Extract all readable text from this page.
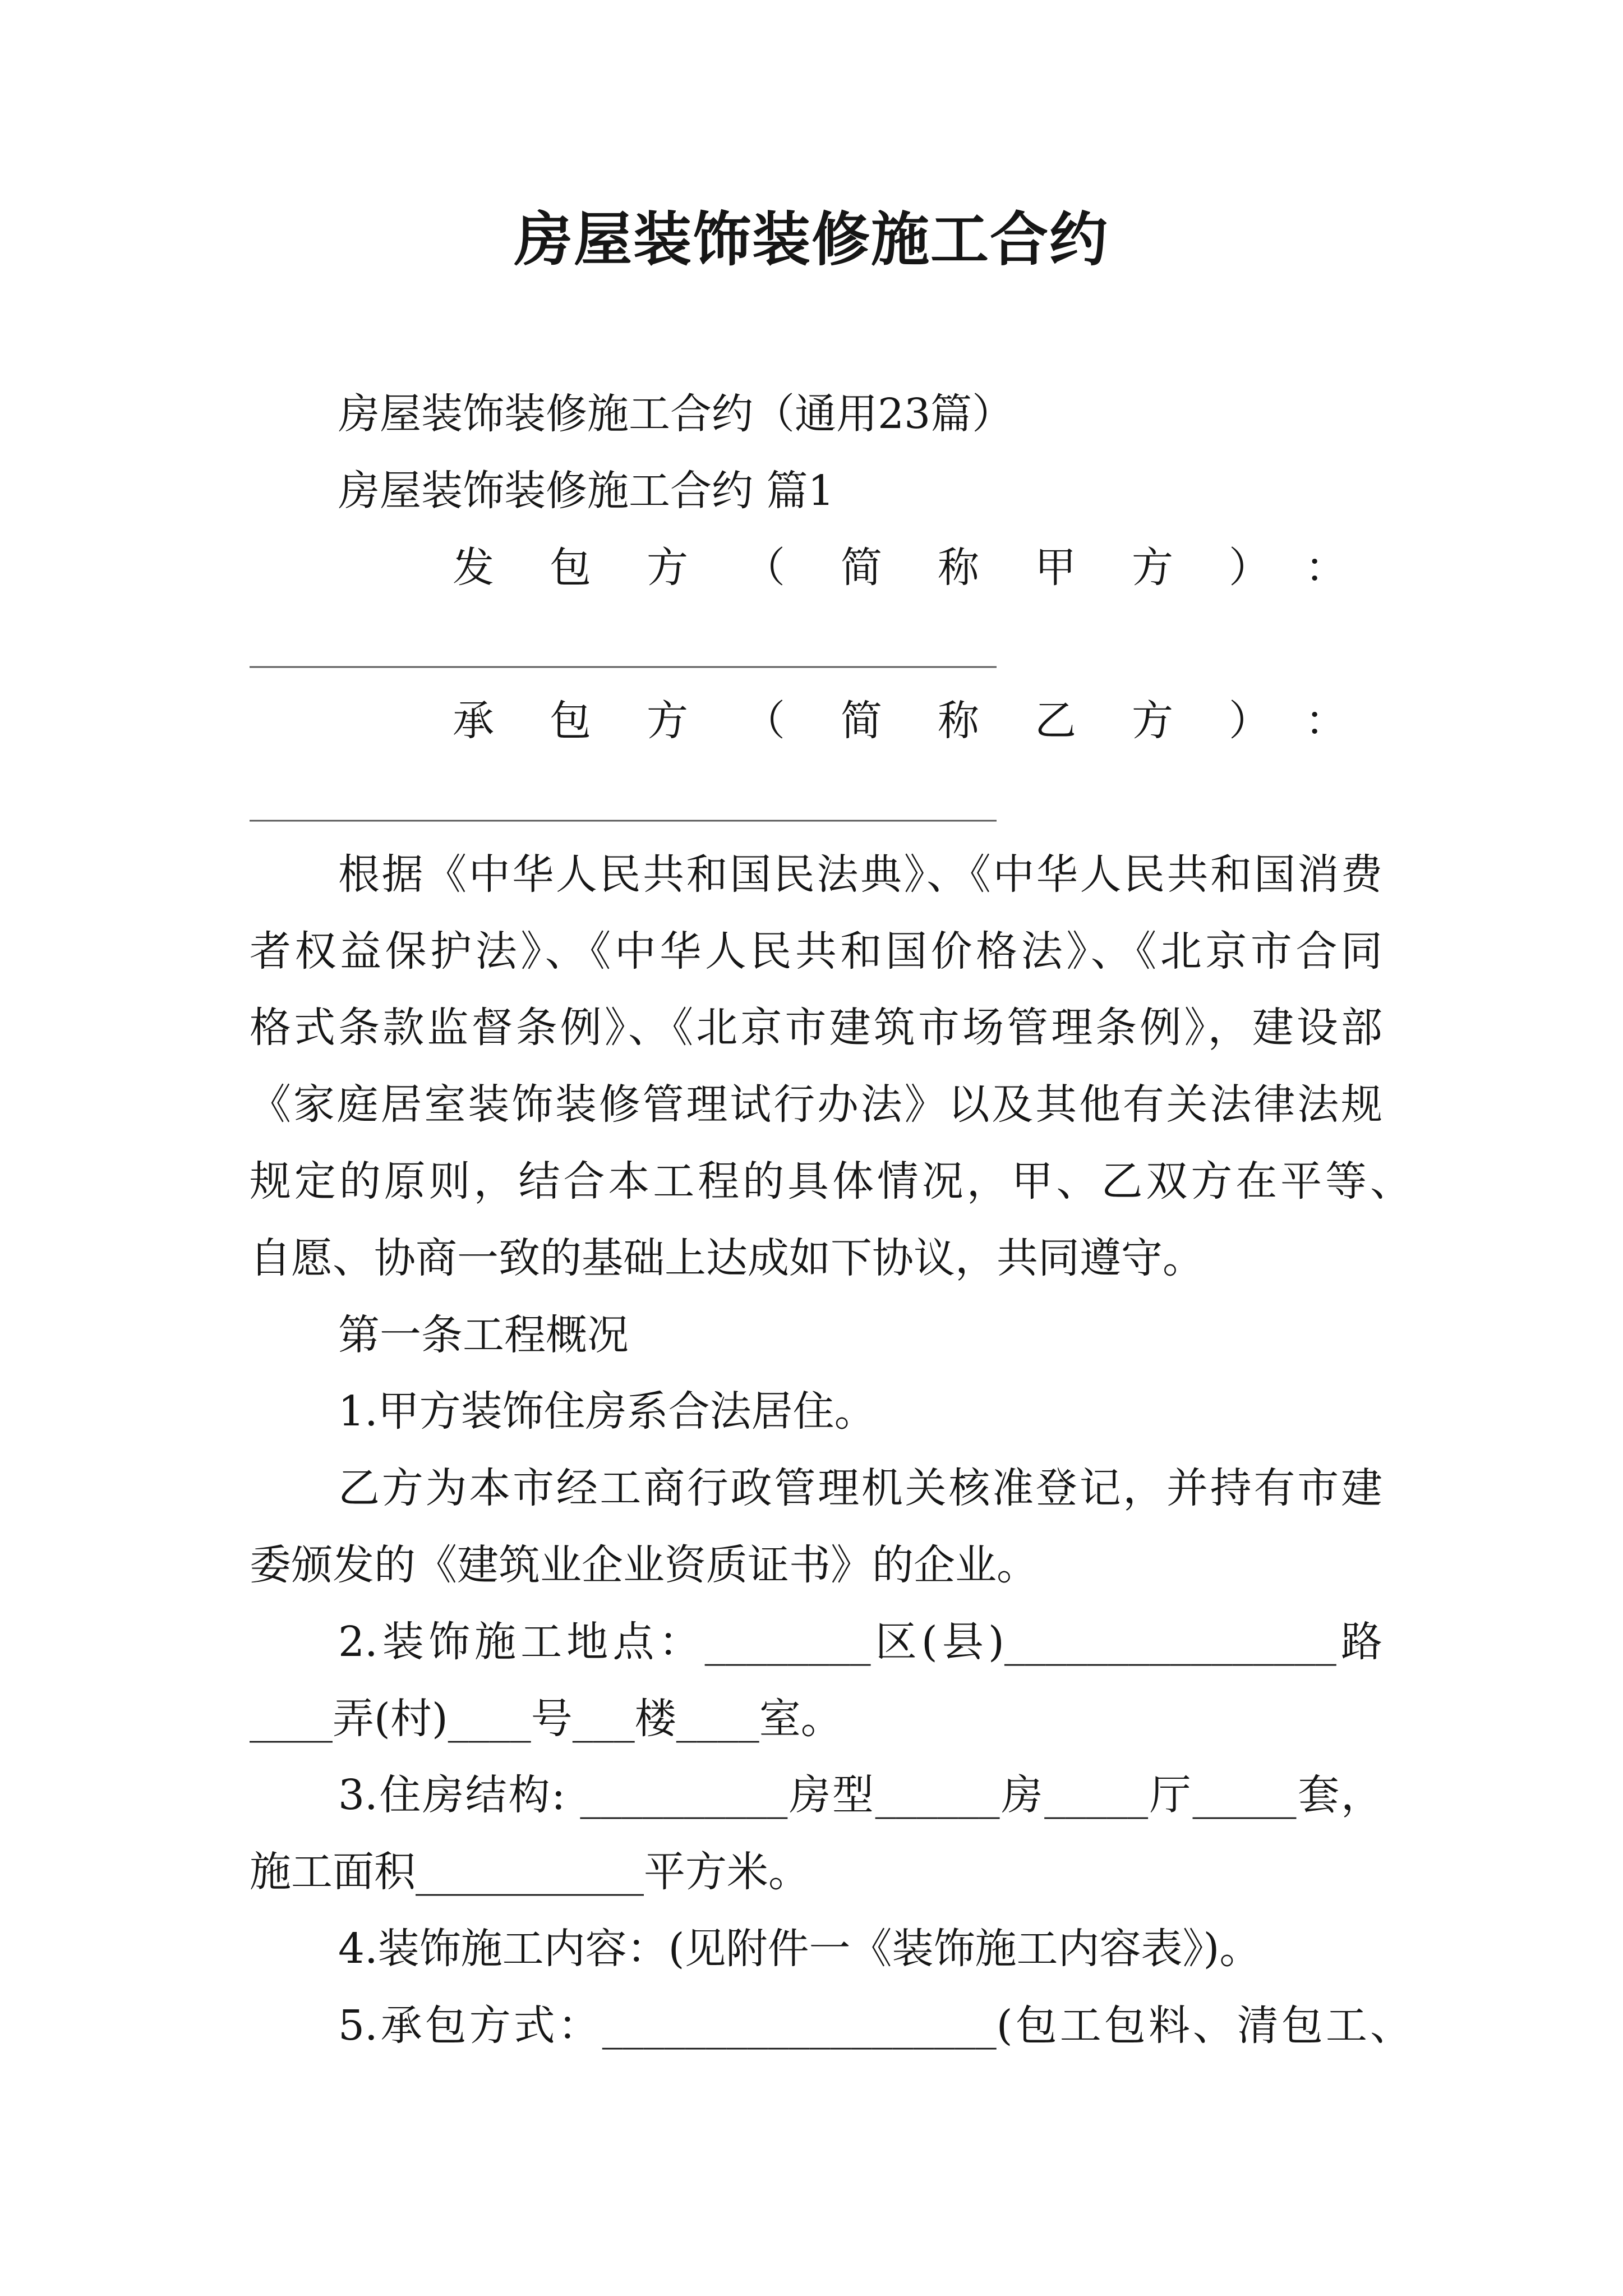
房屋装饰装修施工合约
房屋装饰装修施工合约（通用23篇）
房屋装饰装修施工合约 篇1
发包方（简称甲方）：
____________________________________
承包方（简称乙方）：
____________________________________
根据《中华人民共和国民法典》、《中华人民共和国消费
者权益保护法》、《中华人民共和国价格法》、《北京市合同
格式条款监督条例》、《北京市建筑市场管理条例》，建设部
《家庭居室装饰装修管理试行办法》以及其他有关法律法规
规定的原则，结合本工程的具体情况，甲、乙双方在平等、
自愿、协商一致的基础上达成如下协议，共同遵守。
第一条工程概况
1.甲方装饰住房系合法居住。
乙方为本市经工商行政管理机关核准登记，并持有市建
委颁发的《建筑业企业资质证书》的企业。
2.装饰施工地点：________区(县)________________路
____弄(村)____号___楼____室。
3.住房结构: __________房型______房_____厅_____套，
施工面积___________平方米。
4.装饰施工内容：(见附件一《装饰施工内容表》)。
5.承包方式：___________________(包工包料、清包工、
